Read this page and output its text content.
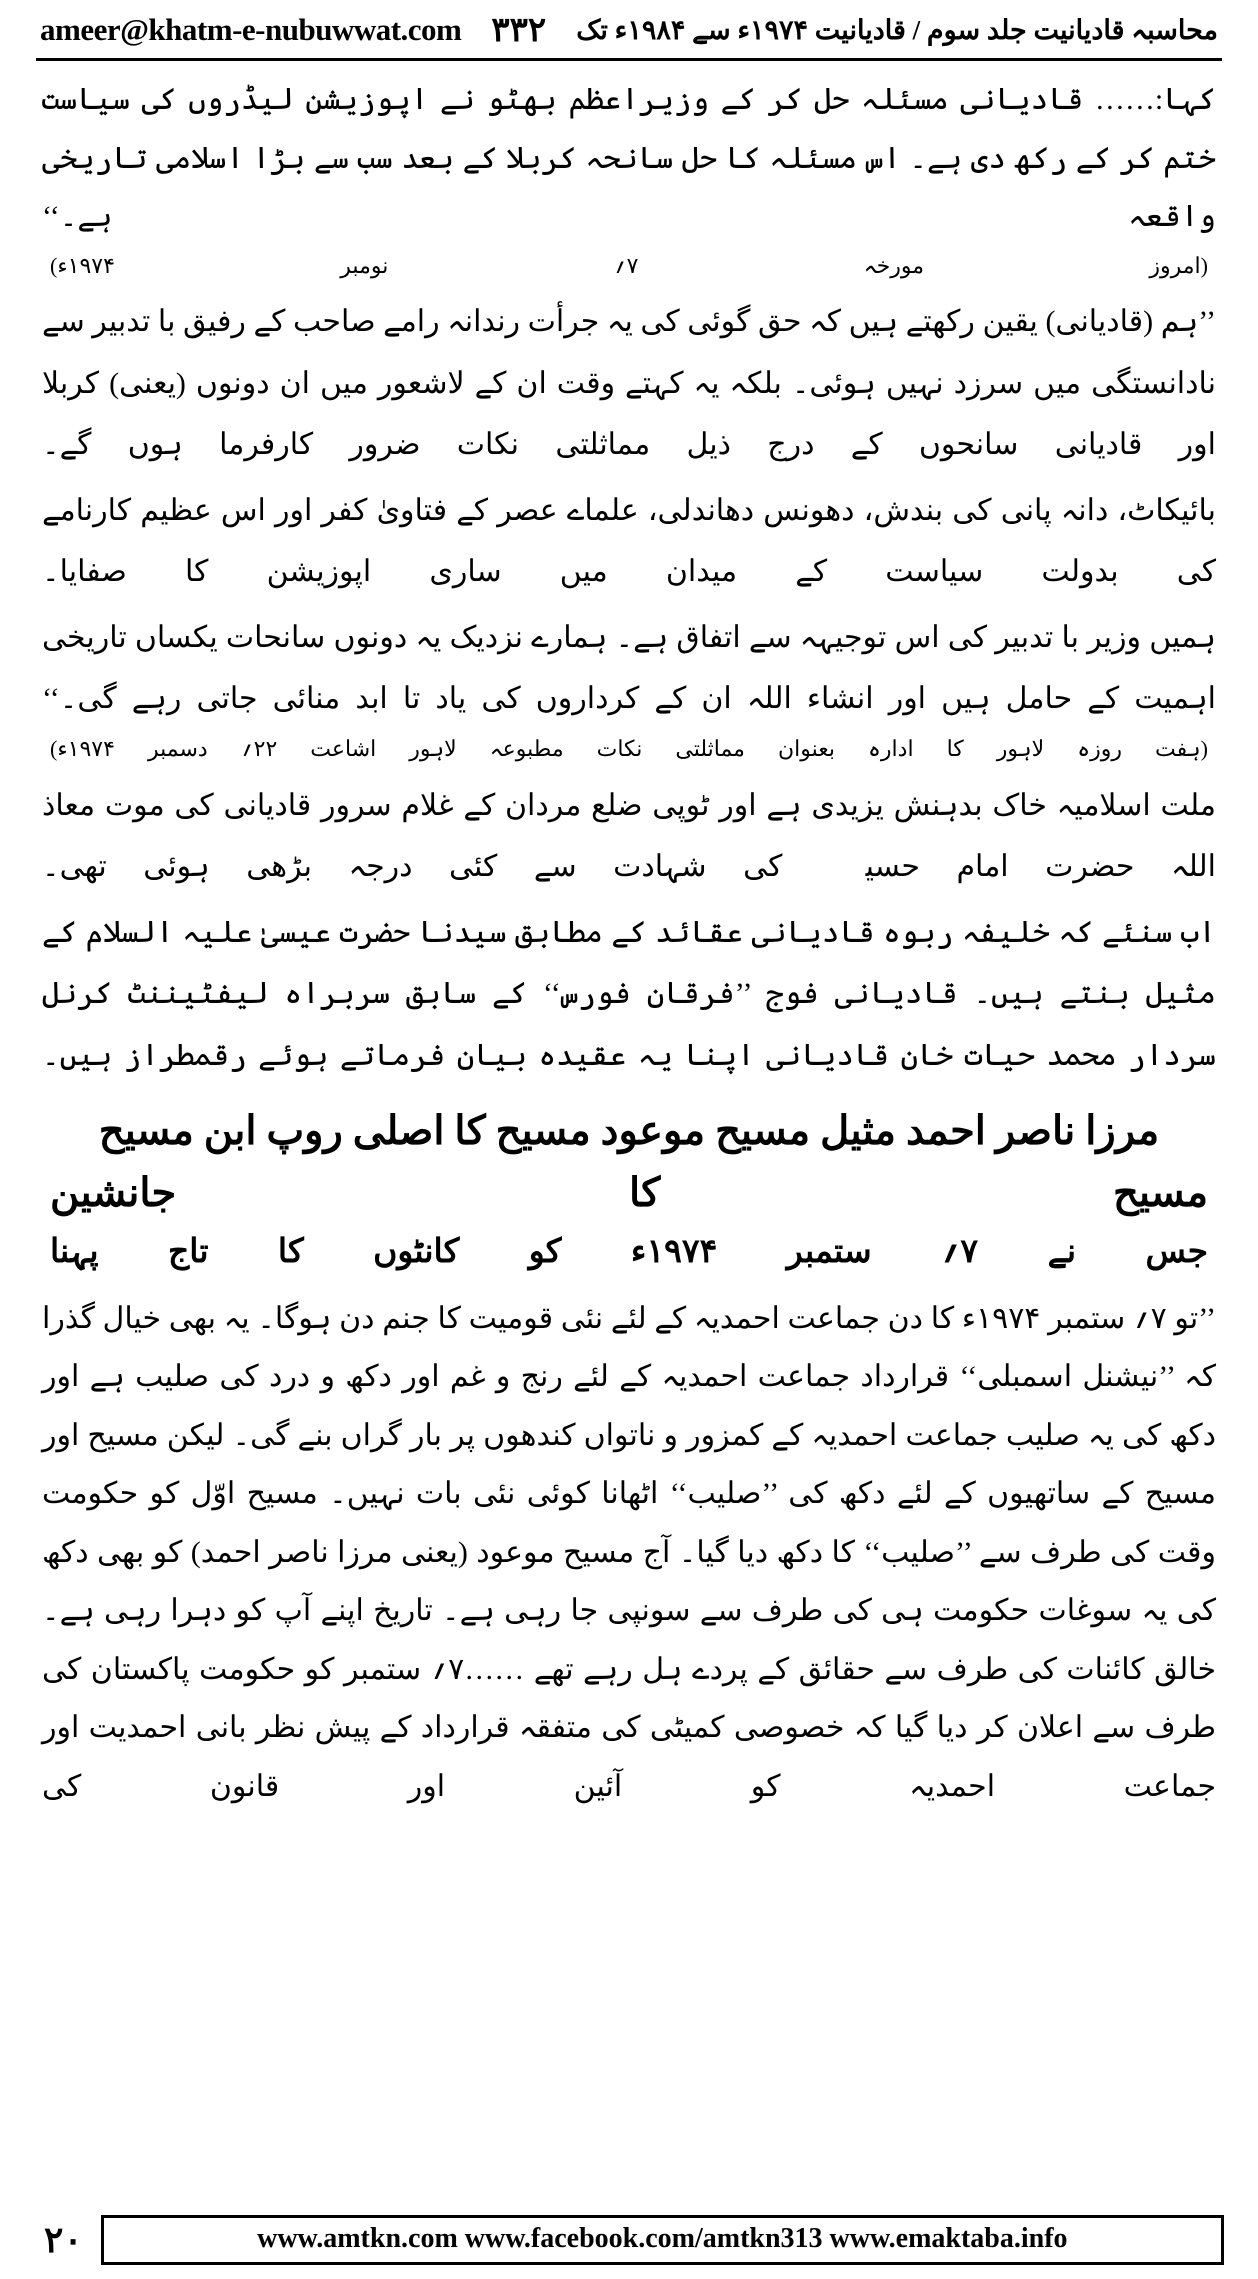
ameer@khatm-e-nubuwwat.com ۳۳۲	محاسبہ قادیانیت جلد سوم / قادیانیت ۱۹۷۴ء سے ۱۹۸۴ء تک

کہا:…… قادیانی مسئلہ حل کر کے وزیراعظم بھٹو نے اپوزیشن لیڈروں کی سیاست ختم کر کے رکھ دی ہے۔ اس مسئلہ کا حل سانحہ کربلا کے بعد سب سے بڑا اسلامی تاریخی واقعہ ہے۔‘‘

(امروز مورخہ ۷؍ نومبر ۱۹۷۴ء)

’’ہم (قادیانی) یقین رکھتے ہیں کہ حق گوئی کی یہ جرأت رندانہ رامے صاحب کے رفیق با تدبیر سے نادانستگی میں سرزد نہیں ہوئی۔ بلکہ یہ کہتے وقت ان کے لاشعور میں ان دونوں (یعنی) کربلا اور قادیانی سانحوں کے درج ذیل مماثلتی نکات ضرور کارفرما ہوں گے۔

بائیکاٹ، دانہ پانی کی بندش، دھونس دھاندلی، علماے عصر کے فتاویٰ کفر اور اس عظیم کارنامے کی بدولت سیاست کے میدان میں ساری اپوزیشن کا صفایا۔

ہمیں وزیر با تدبیر کی اس توجیہہ سے اتفاق ہے۔ ہمارے نزدیک یہ دونوں سانحات یکساں تاریخی اہمیت کے حامل ہیں اور انشاء اللہ ان کے کرداروں کی یاد تا ابد منائی جاتی رہے گی۔‘‘

(ہفت روزہ لاہور کا ادارہ بعنوان مماثلتی نکات مطبوعہ لاہور اشاعت ۲۲؍ دسمبر ۱۹۷۴ء)

ملت اسلامیہ خاک بدہنش یزیدی ہے اور ٹوپی ضلع مردان کے غلام سرور قادیانی کی موت معاذ اللہ حضرت امام حسینؓ کی شہادت سے کئی درجہ بڑھی ہوئی تھی۔

اب سنئے کہ خلیفہ ربوہ قادیانی عقائد کے مطابق سیدنا حضرت عیسیٰ علیہ السلام کے مثیل بنتے ہیں۔ قادیانی فوج ’’فرقان فورس‘‘ کے سابق سربراہ لیفٹیننٹ کرنل سردار محمد حیات خان قادیانی اپنا یہ عقیدہ بیان فرماتے ہوئے رقمطراز ہیں۔

مرزا ناصر احمد مثیل مسیح موعود مسیح کا اصلی روپ ابن مسیح مسیح کا جانشین
جس نے ۷؍ ستمبر ۱۹۷۴ء کو کانٹوں کا تاج پہنا

’’تو ۷؍ ستمبر ۱۹۷۴ء کا دن جماعت احمدیہ کے لئے نئی قومیت کا جنم دن ہوگا۔ یہ بھی خیال گذرا کہ ’’نیشنل اسمبلی‘‘ قرارداد جماعت احمدیہ کے لئے رنج و غم اور دکھ و درد کی صلیب ہے اور دکھ کی یہ صلیب جماعت احمدیہ کے کمزور و ناتواں کندھوں پر بار گراں بنے گی۔ لیکن مسیح اور مسیح کے ساتھیوں کے لئے دکھ کی ’’صلیب‘‘ اٹھانا کوئی نئی بات نہیں۔ مسیح اوّل کو حکومت وقت کی طرف سے ’’صلیب‘‘ کا دکھ دیا گیا۔ آج مسیح موعود (یعنی مرزا ناصر احمد) کو بھی دکھ کی یہ سوغات حکومت ہی کی طرف سے سونپی جا رہی ہے۔ تاریخ اپنے آپ کو دہرا رہی ہے۔ خالق کائنات کی طرف سے حقائق کے پردے ہل رہے تھے ……۷؍ ستمبر کو حکومت پاکستان کی طرف سے اعلان کر دیا گیا کہ خصوصی کمیٹی کی متفقہ قرارداد کے پیش نظر بانی احمدیت اور جماعت احمدیہ کو آئین اور قانون کی

۲۰	www.amtkn.com www.facebook.com/amtkn313 www.emaktaba.info
